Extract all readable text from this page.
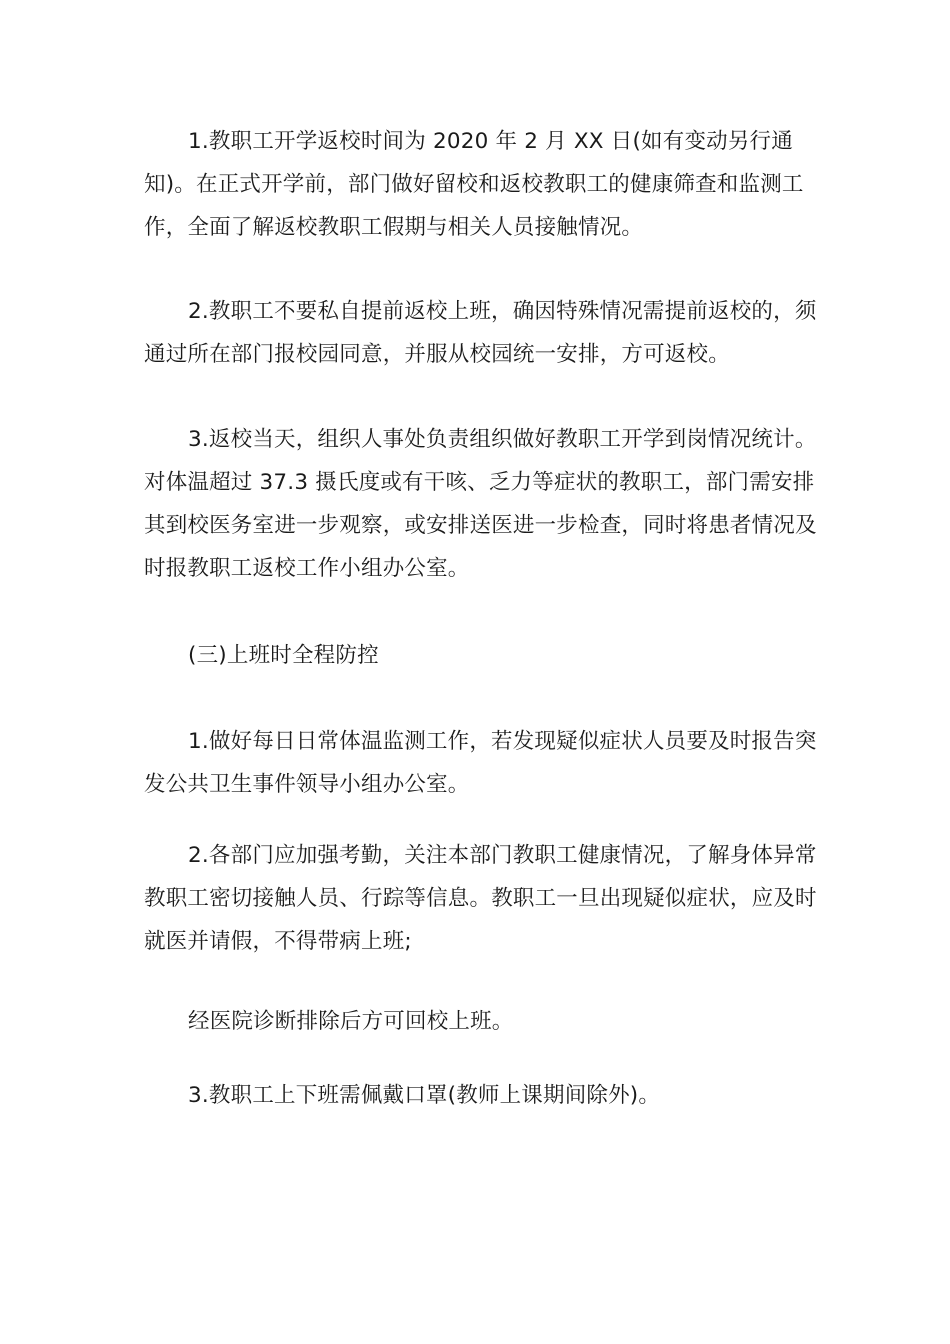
1.教职工开学返校时间为 2020 年 2 月 XX 日(如有变动另行通知)。在正式开学前，部门做好留校和返校教职工的健康筛查和监测工作，全面了解返校教职工假期与相关人员接触情况。

2.教职工不要私自提前返校上班，确因特殊情况需提前返校的，须通过所在部门报校园同意，并服从校园统一安排，方可返校。

3.返校当天，组织人事处负责组织做好教职工开学到岗情况统计。对体温超过 37.3 摄氏度或有干咳、乏力等症状的教职工，部门需安排其到校医务室进一步观察，或安排送医进一步检查，同时将患者情况及时报教职工返校工作小组办公室。

(三)上班时全程防控

1.做好每日日常体温监测工作，若发现疑似症状人员要及时报告突发公共卫生事件领导小组办公室。

2.各部门应加强考勤，关注本部门教职工健康情况，了解身体异常教职工密切接触人员、行踪等信息。教职工一旦出现疑似症状，应及时就医并请假，不得带病上班;

经医院诊断排除后方可回校上班。

3.教职工上下班需佩戴口罩(教师上课期间除外)。
